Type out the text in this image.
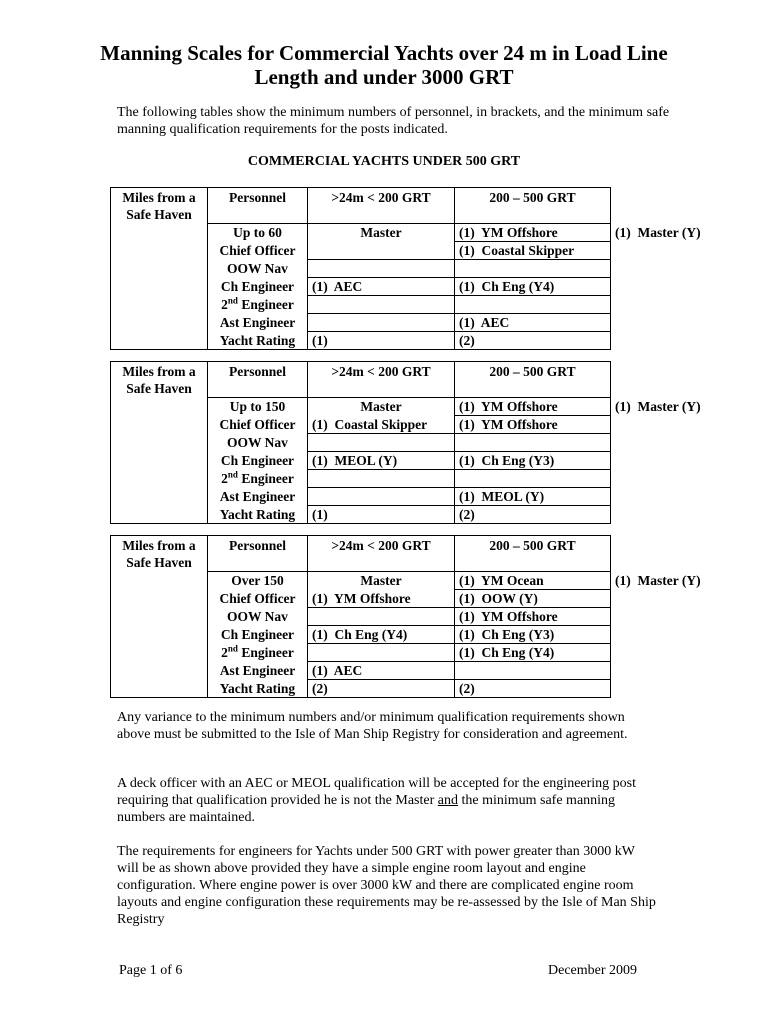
Manning Scales for Commercial Yachts over 24 m in Load Line Length and under 3000 GRT

The following tables show the minimum numbers of personnel, in brackets, and the minimum safe manning qualification requirements for the posts indicated.

COMMERCIAL YACHTS UNDER 500 GRT

Miles from a
Safe Haven	Personnel	>24m < 200 GRT	200 – 500 GRT	
	Up to 60	Master	(1)  YM Offshore	(1)  Master (Y)
	Chief Officer		(1)  Coastal Skipper	
	OOW Nav			
	Ch Engineer	(1)  AEC	(1)  Ch Eng (Y4)	
	2nd Engineer			
	Ast Engineer		(1)  AEC	
	Yacht Rating	(1)	(2)	
Miles from a
Safe Haven	Personnel	>24m < 200 GRT	200 – 500 GRT	
	Up to 150	Master	(1)  YM Offshore	(1)  Master (Y)
	Chief Officer	(1)  Coastal Skipper	(1)  YM Offshore	
	OOW Nav			
	Ch Engineer	(1)  MEOL (Y)	(1)  Ch Eng (Y3)	
	2nd Engineer			
	Ast Engineer		(1)  MEOL (Y)	
	Yacht Rating	(1)	(2)	
Miles from a
Safe Haven	Personnel	>24m < 200 GRT	200 – 500 GRT	
	Over 150	Master	(1)  YM Ocean	(1)  Master (Y)
	Chief Officer	(1)  YM Offshore	(1)  OOW (Y)	
	OOW Nav		(1)  YM Offshore	
	Ch Engineer	(1)  Ch Eng (Y4)	(1)  Ch Eng (Y3)	
	2nd Engineer		(1)  Ch Eng (Y4)	
	Ast Engineer	(1)  AEC		
	Yacht Rating	(2)	(2)	

Any variance to the minimum numbers and/or minimum qualification requirements shown above must be submitted to the Isle of Man Ship Registry for consideration and agreement.

A deck officer with an AEC or MEOL qualification will be accepted for the engineering post requiring that qualification provided he is not the Master and the minimum safe manning numbers are maintained.

The requirements for engineers for Yachts under 500 GRT with power greater than 3000 kW will be as shown above provided they have a simple engine room layout and engine configuration. Where engine power is over 3000 kW and there are complicated engine room layouts and engine configuration these requirements may be re-assessed by the Isle of Man Ship Registry

Page 1 of 6	December 2009
